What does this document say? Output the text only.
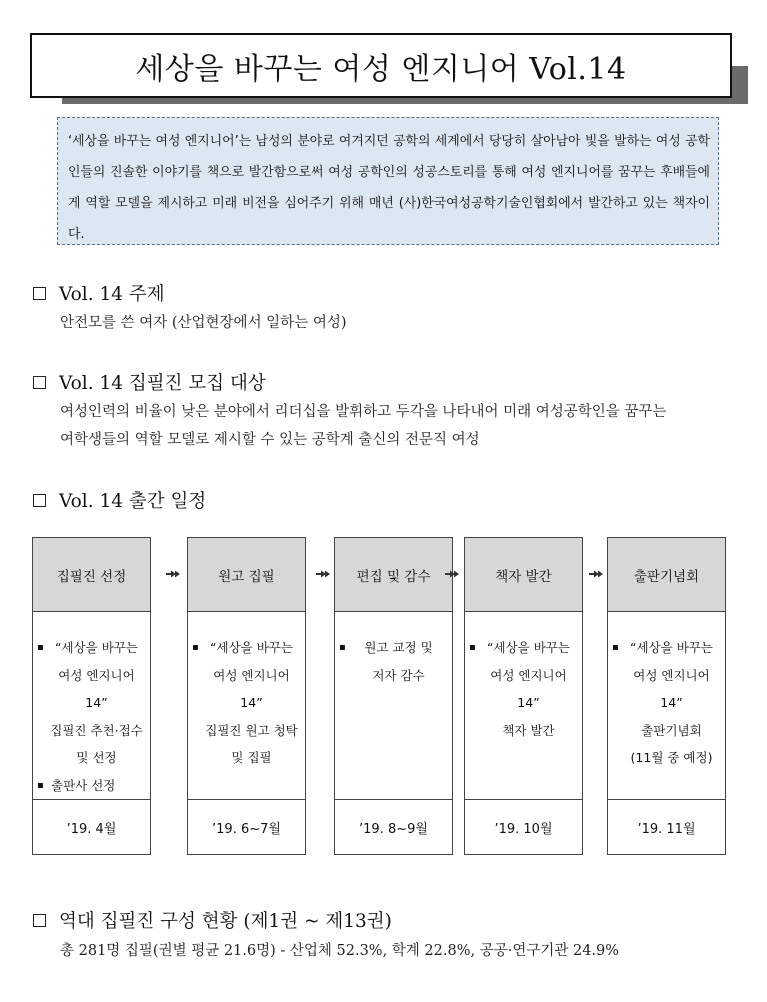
세상을 바꾸는 여성 엔지니어 Vol.14

‘세상을 바꾸는 여성 엔지니어’는 남성의 분야로 여겨지던 공학의 세계에서 당당히 살아남아 빛을 발하는 여성 공학인들의 진솔한 이야기를 책으로 발간함으로써 여성 공학인의 성공스토리를 통해 여성 엔지니어를 꿈꾸는 후배들에게 역할 모델을 제시하고 미래 비전을 심어주기 위해 매년 (사)한국여성공학기술인협회에서 발간하고 있는 책자이다.

Vol. 14 주제
안전모를 쓴 여자 (산업현장에서 일하는 여성)
Vol. 14 집필진 모집 대상
여성인력의 비율이 낮은 분야에서 리더십을 발휘하고 두각을 나타내어 미래 여성공학인을 꿈꾸는
여학생들의 역할 모델로 제시할 수 있는 공학계 출신의 전문직 여성
Vol. 14 출간 일정
집필진 선정
▪ “세상을 바꾸는
여성 엔지니어 14”
집필진 추천·접수
및 선정
▪ 출판사 선정
’19. 4월
원고 집필
▪ “세상을 바꾸는
여성 엔지니어 14”
집필진 원고 청탁
및 집필
’19. 6~7월
편집 및 감수
▪	원고 교정 및
저자 감수
’19. 8~9월
책자 발간
▪ “세상을 바꾸는
여성 엔지니어 14”
책자 발간
’19. 10월
출판기념회
▪ “세상을 바꾸는
여성 엔지니어 14”
출판기념회
(11월 중 예정)
’19. 11월
역대 집필진 구성 현황 (제1권 ~ 제13권)
총 281명 집필(권별 평균 21.6명) - 산업체 52.3%, 학계 22.8%, 공공·연구기관 24.9%
